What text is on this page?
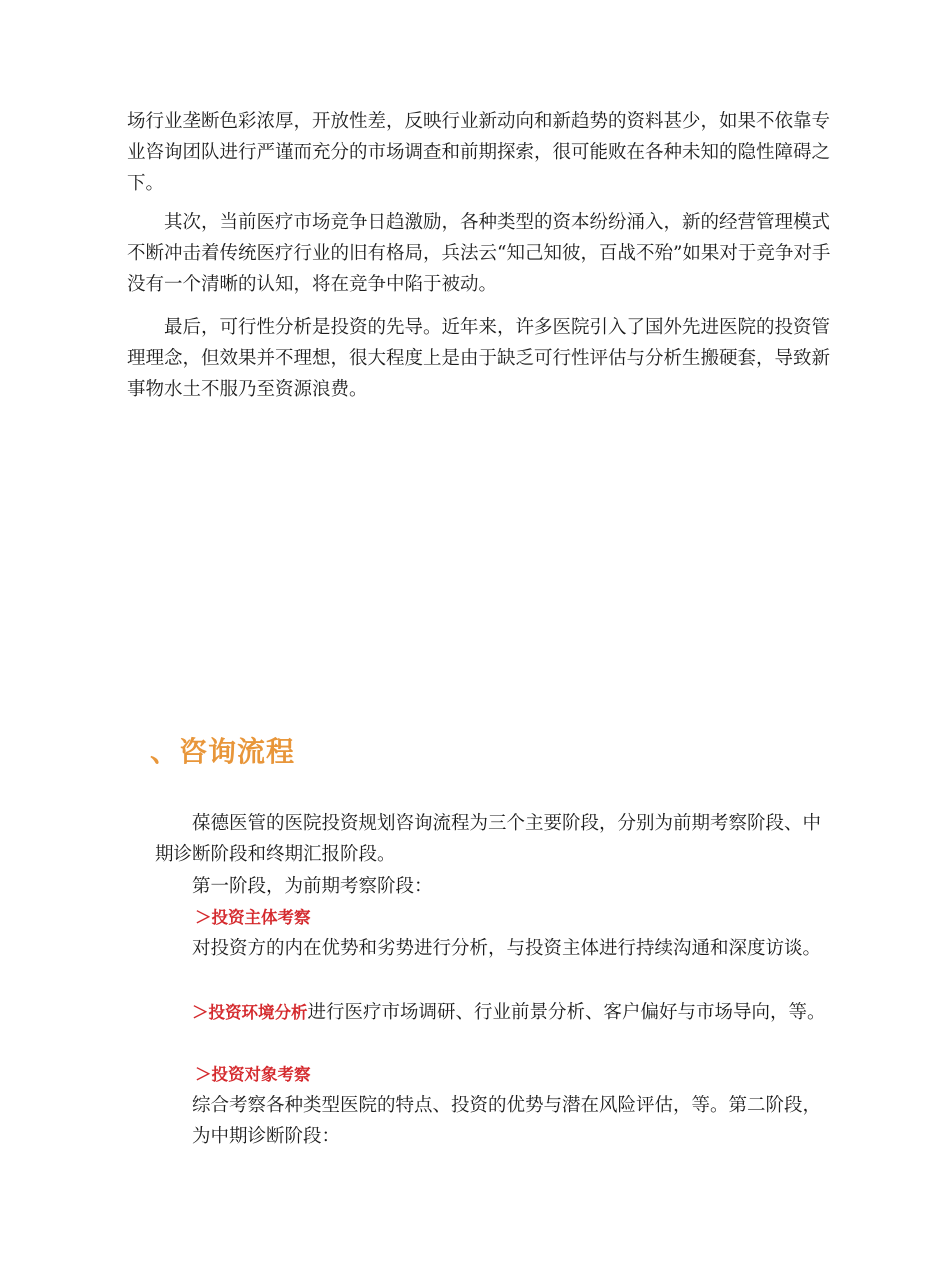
场行业垄断色彩浓厚，开放性差，反映行业新动向和新趋势的资料甚少，如果不依靠专业咨询团队进行严谨而充分的市场调查和前期探索，很可能败在各种未知的隐性障碍之下。

其次，当前医疗市场竞争日趋激励，各种类型的资本纷纷涌入，新的经营管理模式不断冲击着传统医疗行业的旧有格局，兵法云“知己知彼，百战不殆”如果对于竞争对手没有一个清晰的认知，将在竞争中陷于被动。

最后，可行性分析是投资的先导。近年来，许多医院引入了国外先进医院的投资管理理念，但效果并不理想，很大程度上是由于缺乏可行性评估与分析生搬硬套，导致新事物水土不服乃至资源浪费。

、咨询流程

葆德医管的医院投资规划咨询流程为三个主要阶段，分别为前期考察阶段、中期诊断阶段和终期汇报阶段。

第一阶段，为前期考察阶段：

＞投资主体考察

对投资方的内在优势和劣势进行分析，与投资主体进行持续沟通和深度访谈。

＞投资环境分析进行医疗市场调研、行业前景分析、客户偏好与市场导向，等。

＞投资对象考察

综合考察各种类型医院的特点、投资的优势与潜在风险评估，等。第二阶段，为中期诊断阶段：
